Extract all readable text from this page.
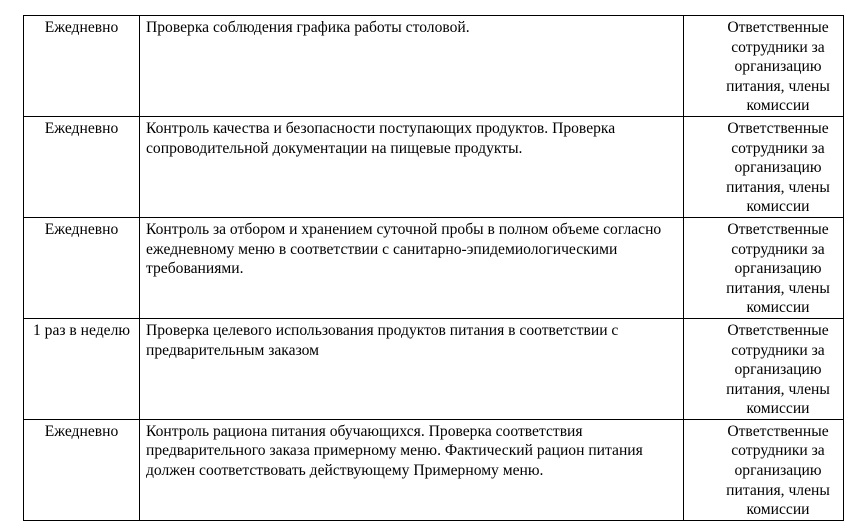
Ежедневно	Проверка соблюдения графика работы столовой.	Ответственные
сотрудники за
организацию
питания, члены
комиссии

Ежедневно	Контроль качества и безопасности поступающих продуктов. Проверка сопроводительной документации на пищевые продукты.	Ответственные
сотрудники за
организацию
питания, члены
комиссии

Ежедневно	Контроль за отбором и хранением суточной пробы в полном объеме согласно ежедневному меню в соответствии с санитарно-эпидемиологическими требованиями.	Ответственные
сотрудники за
организацию
питания, члены
комиссии

1 раз в неделю	Проверка целевого использования продуктов питания в соответствии с предварительным заказом	Ответственные
сотрудники за
организацию
питания, члены
комиссии

Ежедневно	Контроль рациона питания обучающихся. Проверка соответствия предварительного заказа примерному меню. Фактический рацион питания должен соответствовать действующему Примерному меню.	Ответственные
сотрудники за
организацию
питания, члены
комиссии
